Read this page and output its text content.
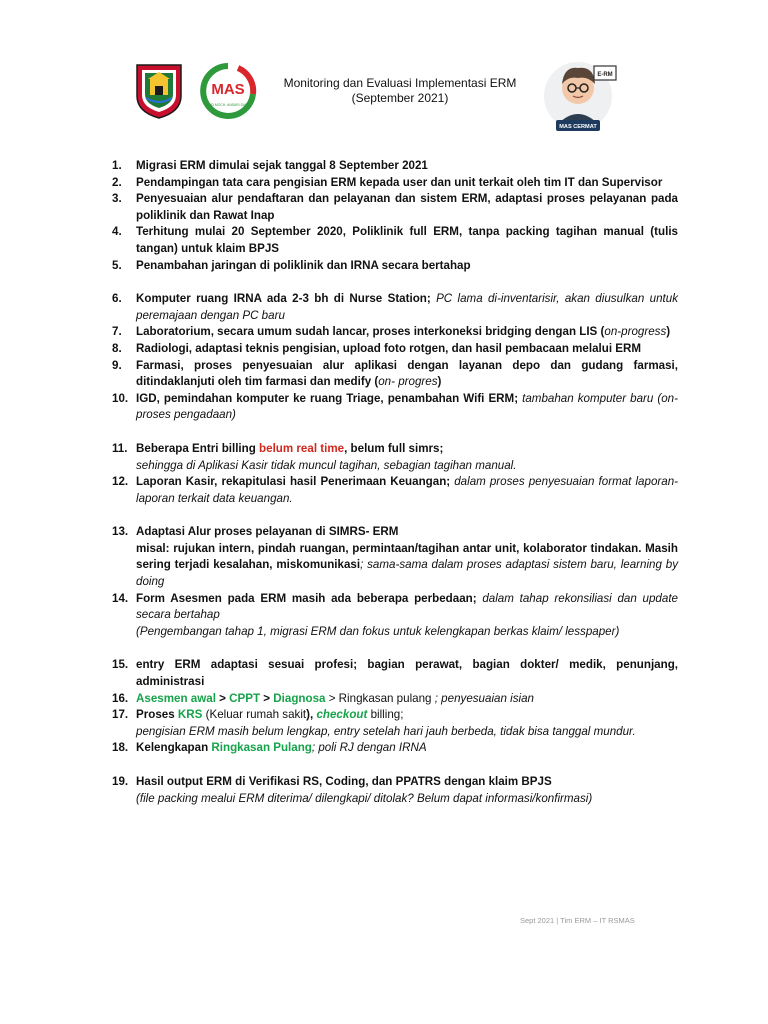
MAS
RSUD MOCH. ANSARI SALEH
Monitoring dan Evaluasi Implementasi ERM
(September 2021)
E-RM
MAS CERMAT
1. Migrasi ERM dimulai sejak tanggal 8 September 2021
2. Pendampingan tata cara pengisian ERM kepada user dan unit terkait oleh tim IT dan Supervisor
3. Penyesuaian alur pendaftaran dan pelayanan dan sistem ERM, adaptasi proses pelayanan pada poliklinik dan Rawat Inap
4. Terhitung mulai 20 September 2020, Poliklinik full ERM, tanpa packing tagihan manual (tulis tangan) untuk klaim BPJS
5. Penambahan jaringan di poliklinik dan IRNA secara bertahap
6. Komputer ruang IRNA ada 2-3 bh di Nurse Station; PC lama di-inventarisir, akan diusulkan untuk peremajaan dengan PC baru
7. Laboratorium, secara umum sudah lancar, proses interkoneksi bridging dengan LIS (on-progress)
8. Radiologi, adaptasi teknis pengisian, upload foto rotgen, dan hasil pembacaan melalui ERM
9. Farmasi, proses penyesuaian alur aplikasi dengan layanan depo dan gudang farmasi, ditindaklanjuti oleh tim farmasi dan medify (on- progres)
10. IGD, pemindahan komputer ke ruang Triage, penambahan Wifi ERM; tambahan komputer baru (on-proses pengadaan)
11. Beberapa Entri billing belum real time, belum full simrs;
sehingga di Aplikasi Kasir tidak muncul tagihan, sebagian tagihan manual.
12. Laporan Kasir, rekapitulasi hasil Penerimaan Keuangan; dalam proses penyesuaian format laporan-laporan terkait data keuangan.
13. Adaptasi Alur proses pelayanan di SIMRS- ERM
misal: rujukan intern, pindah ruangan, permintaan/tagihan antar unit, kolaborator tindakan. Masih sering terjadi kesalahan, miskomunikasi; sama-sama dalam proses adaptasi sistem baru, learning by doing
14. Form Asesmen pada ERM masih ada beberapa perbedaan; dalam tahap rekonsiliasi dan update secara bertahap
(Pengembangan tahap 1, migrasi ERM dan fokus untuk kelengkapan berkas klaim/ lesspaper)
15. entry ERM adaptasi sesuai profesi; bagian perawat, bagian dokter/ medik, penunjang, administrasi
16. Asesmen awal > CPPT > Diagnosa > Ringkasan pulang ; penyesuaian isian
17. Proses KRS (Keluar rumah sakit), checkout billing;
pengisian ERM masih belum lengkap, entry setelah hari jauh berbeda, tidak bisa tanggal mundur.
18. Kelengkapan Ringkasan Pulang; poli RJ dengan IRNA
19. Hasil output ERM di Verifikasi RS, Coding, dan PPATRS dengan klaim BPJS
(file packing mealui ERM diterima/ dilengkapi/ ditolak? Belum dapat informasi/konfirmasi)
Sept 2021 | Tim ERM – IT RSMAS
